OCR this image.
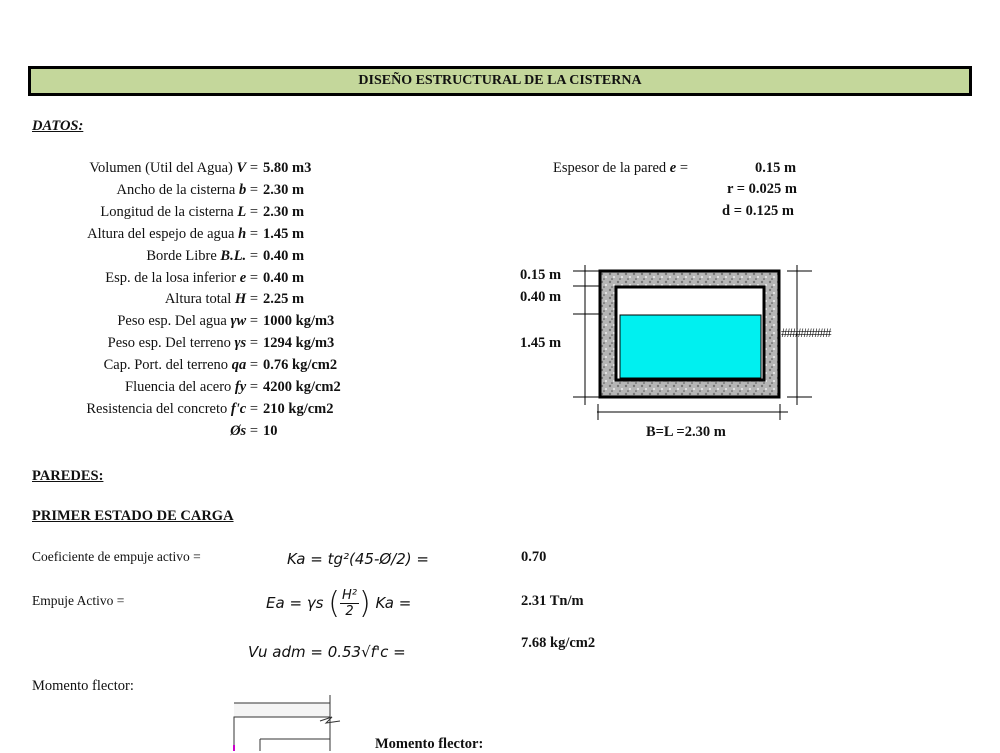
DISEÑO ESTRUCTURAL DE LA CISTERNA
DATOS:
Volumen (Util del Agua) V = 5.80 m3
Ancho de la cisterna b = 2.30 m
Longitud de la cisterna L = 2.30 m
Altura del espejo de agua h = 1.45 m
Borde Libre B.L. = 0.40 m
Esp. de la losa inferior e = 0.40 m
Altura total H = 2.25 m
Peso esp. Del agua γw = 1000 kg/m3
Peso esp. Del terreno γs = 1294 kg/m3
Cap. Port. del terreno qa = 0.76 kg/cm2
Fluencia del acero fy = 4200 kg/cm2
Resistencia del concreto f'c = 210 kg/cm2
Øs = 10
Espesor de la pared e =	0.15 m
r = 0.025 m
d = 0.125 m
0.15 m
0.40 m
1.45 m
#########
B=L =2.30 m
PAREDES:
PRIMER ESTADO DE CARGA
Coeficiente de empuje activo =	Ka = tg²(45-Ø/2) =	0.70
Empuje Activo =	Ea = γs ( $\frac{\text{H²}}{2}$ ) Ka =	2.31 Tn/m
Vu adm = 0.53√f'c =	7.68 kg/cm2
Momento flector:
Momento flector:
